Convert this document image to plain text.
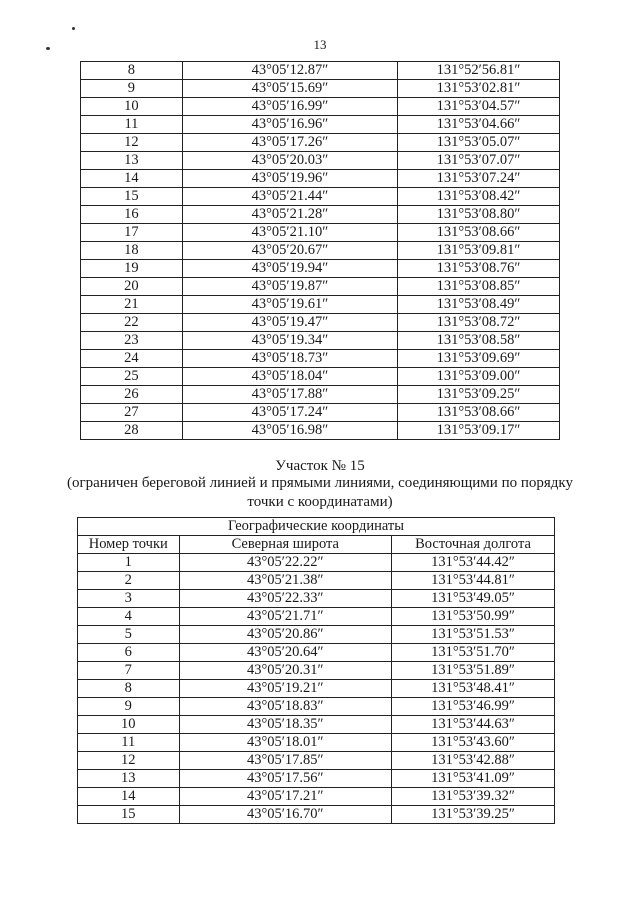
13
8	43°05′12.87″	131°52′56.81″
9	43°05′15.69″	131°53′02.81″
10	43°05′16.99″	131°53′04.57″
11	43°05′16.96″	131°53′04.66″
12	43°05′17.26″	131°53′05.07″
13	43°05′20.03″	131°53′07.07″
14	43°05′19.96″	131°53′07.24″
15	43°05′21.44″	131°53′08.42″
16	43°05′21.28″	131°53′08.80″
17	43°05′21.10″	131°53′08.66″
18	43°05′20.67″	131°53′09.81″
19	43°05′19.94″	131°53′08.76″
20	43°05′19.87″	131°53′08.85″
21	43°05′19.61″	131°53′08.49″
22	43°05′19.47″	131°53′08.72″
23	43°05′19.34″	131°53′08.58″
24	43°05′18.73″	131°53′09.69″
25	43°05′18.04″	131°53′09.00″
26	43°05′17.88″	131°53′09.25″
27	43°05′17.24″	131°53′08.66″
28	43°05′16.98″	131°53′09.17″
Участок № 15
(ограничен береговой линией и прямыми линиями, соединяющими по порядку точки с координатами)
Географические координаты		
Номер точки	Северная широта	Восточная долгота
1	43°05′22.22″	131°53′44.42″
2	43°05′21.38″	131°53′44.81″
3	43°05′22.33″	131°53′49.05″
4	43°05′21.71″	131°53′50.99″
5	43°05′20.86″	131°53′51.53″
6	43°05′20.64″	131°53′51.70″
7	43°05′20.31″	131°53′51.89″
8	43°05′19.21″	131°53′48.41″
9	43°05′18.83″	131°53′46.99″
10	43°05′18.35″	131°53′44.63″
11	43°05′18.01″	131°53′43.60″
12	43°05′17.85″	131°53′42.88″
13	43°05′17.56″	131°53′41.09″
14	43°05′17.21″	131°53′39.32″
15	43°05′16.70″	131°53′39.25″
